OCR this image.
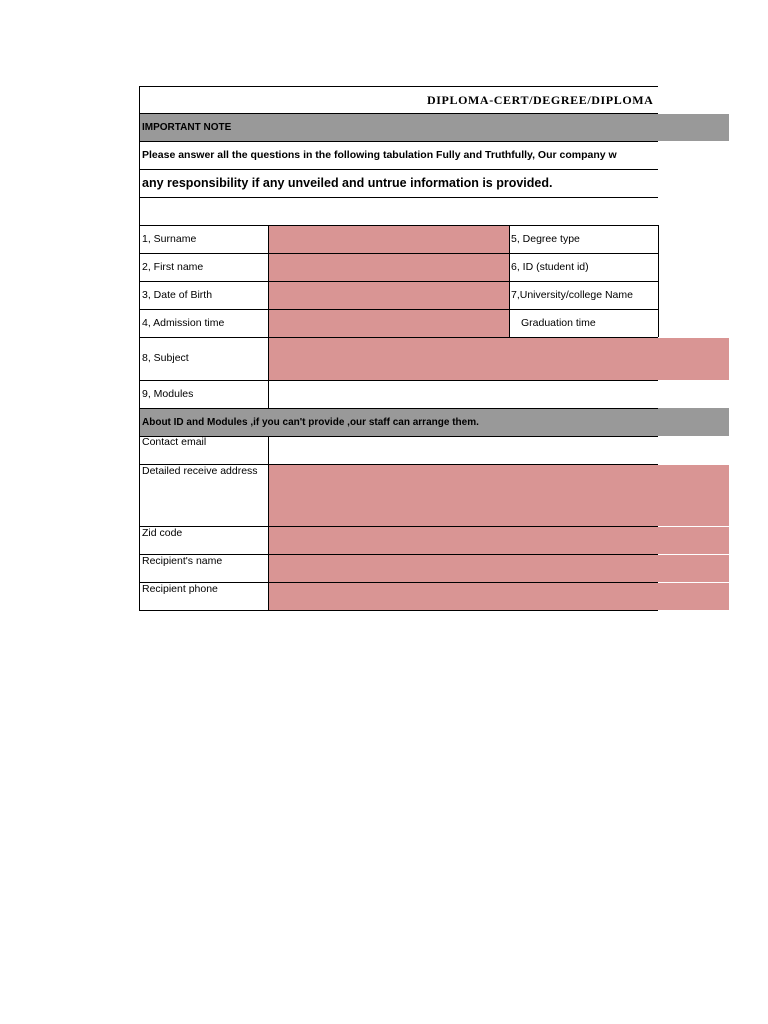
IMPORTANT NOTE
About ID and Modules ,if you can't provide ,our staff can arrange them.
DIPLOMA-CERT/DEGREE/DIPLOMA
Please answer all the questions in the following tabulation Fully and Truthfully, Our company w
any responsibility if any unveiled and untrue information is provided.
1, Surname
2, First name
3, Date of Birth
4, Admission time
5, Degree type
6, ID (student id)
7,University/college Name
Graduation time
8, Subject
9, Modules
Contact email
Detailed receive address
Zid code
Recipient's name
Recipient phone
